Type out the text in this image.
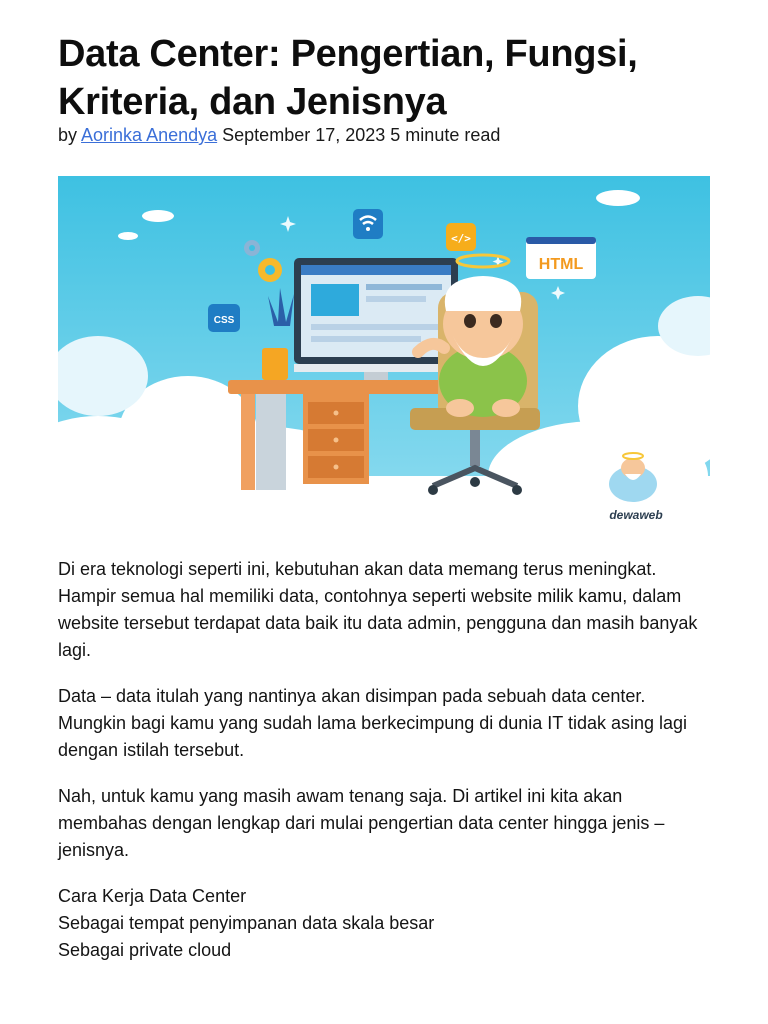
Data Center: Pengertian, Fungsi, Kriteria, dan Jenisnya
by Aorinka Anendya September 17, 2023 5 minute read
</>
HTML
CSS
dewaweb

Di era teknologi seperti ini, kebutuhan akan data memang terus meningkat. Hampir semua hal memiliki data, contohnya seperti website milik kamu, dalam website tersebut terdapat data baik itu data admin, pengguna dan masih banyak lagi.

Data – data itulah yang nantinya akan disimpan pada sebuah data center. Mungkin bagi kamu yang sudah lama berkecimpung di dunia IT tidak asing lagi dengan istilah tersebut.

Nah, untuk kamu yang masih awam tenang saja. Di artikel ini kita akan membahas dengan lengkap dari mulai pengertian data center hingga jenis – jenisnya.

Cara Kerja Data Center
Sebagai tempat penyimpanan data skala besar
Sebagai private cloud
